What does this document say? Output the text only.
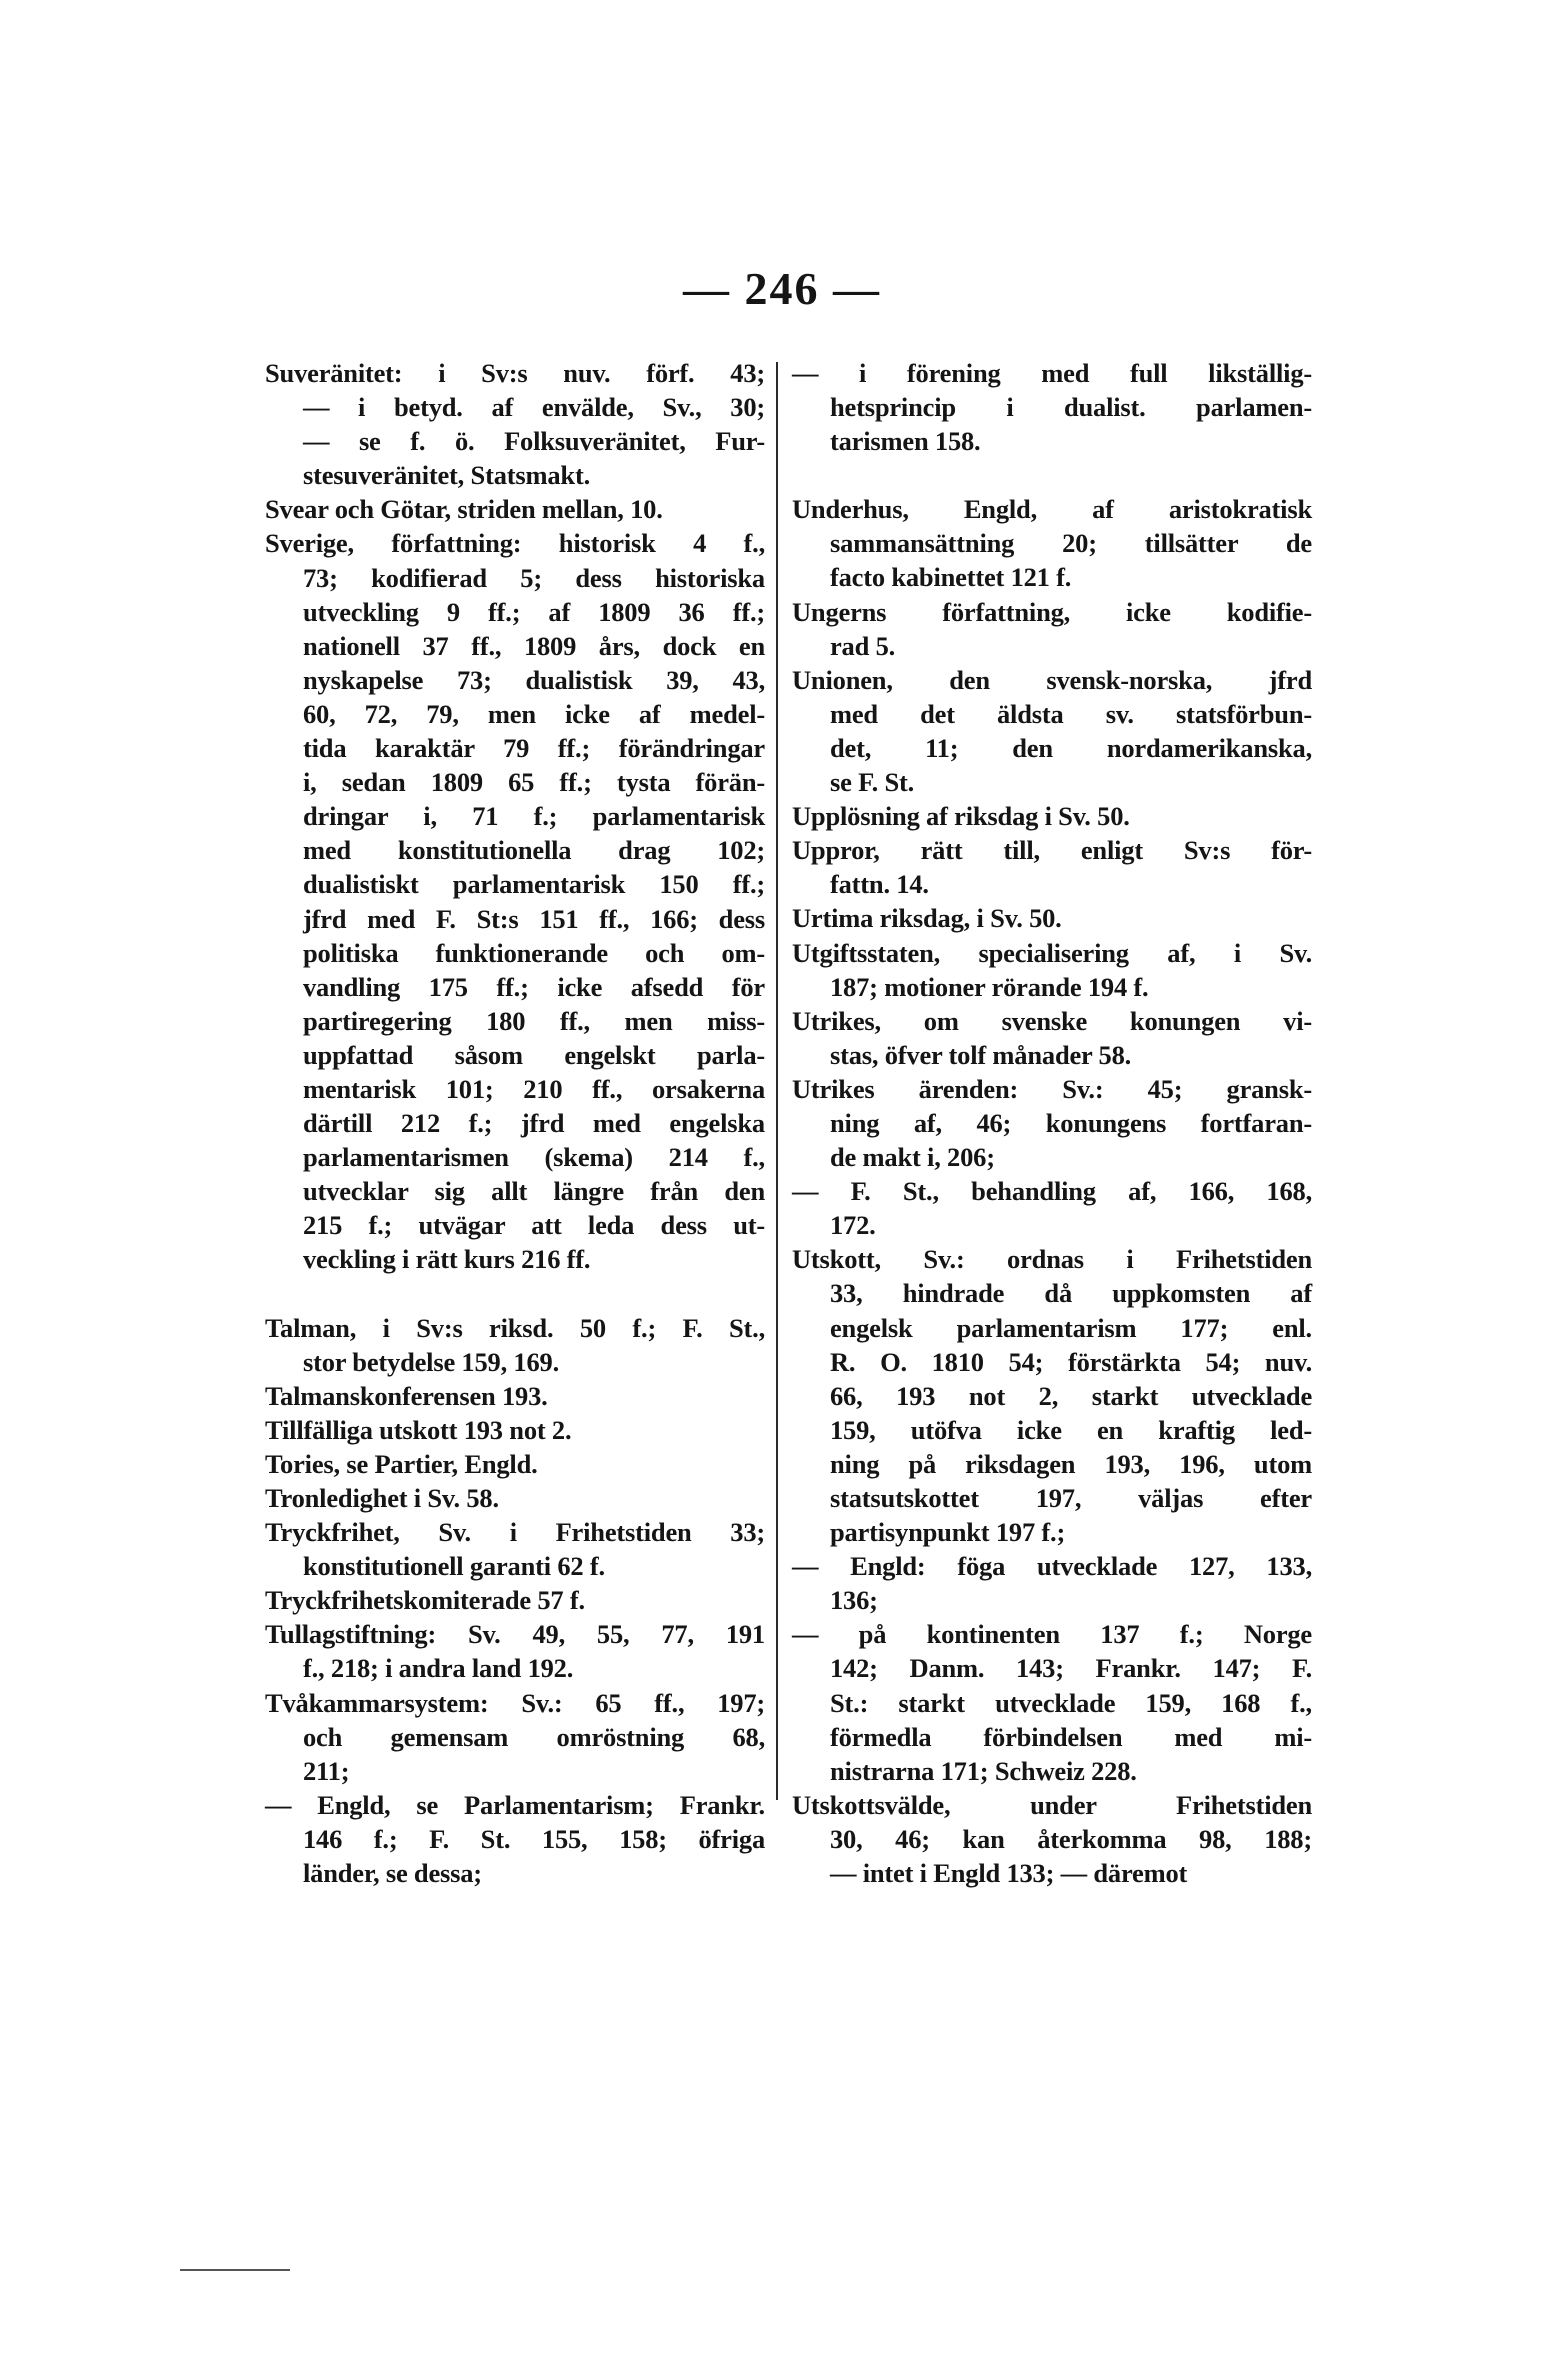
— 246 —
Suveränitet: i Sv:s nuv. förf. 43;
— i betyd. af envälde, Sv., 30;
— se f. ö. Folksuveränitet, Fur-
stesuveränitet, Statsmakt.
Svear och Götar, striden mellan, 10.
Sverige, författning: historisk 4 f.,
73; kodifierad 5; dess historiska
utveckling 9 ff.; af 1809 36 ff.;
nationell 37 ff., 1809 års, dock en
nyskapelse 73; dualistisk 39, 43,
60, 72, 79, men icke af medel-
tida karaktär 79 ff.; förändringar
i, sedan 1809 65 ff.; tysta förän-
dringar i, 71 f.; parlamentarisk
med konstitutionella drag 102;
dualistiskt parlamentarisk 150 ff.;
jfrd med F. St:s 151 ff., 166; dess
politiska funktionerande och om-
vandling 175 ff.; icke afsedd för
partiregering 180 ff., men miss-
uppfattad såsom engelskt parla-
mentarisk 101; 210 ff., orsakerna
därtill 212 f.; jfrd med engelska
parlamentarismen (skema) 214 f.,
utvecklar sig allt längre från den
215 f.; utvägar att leda dess ut-
veckling i rätt kurs 216 ff.
Talman, i Sv:s riksd. 50 f.; F. St.,
stor betydelse 159, 169.
Talmanskonferensen 193.
Tillfälliga utskott 193 not 2.
Tories, se Partier, Engld.
Tronledighet i Sv. 58.
Tryckfrihet, Sv. i Frihetstiden 33;
konstitutionell garanti 62 f.
Tryckfrihetskomiterade 57 f.
Tullagstiftning: Sv. 49, 55, 77, 191
f., 218; i andra land 192.
Tvåkammarsystem: Sv.: 65 ff., 197;
och gemensam omröstning 68,
211;
— Engld, se Parlamentarism; Frankr.
146 f.; F. St. 155, 158; öfriga
länder, se dessa;
— i förening med full likställig-
hetsprincip i dualist. parlamen-
tarismen 158.
Underhus, Engld, af aristokratisk
sammansättning 20; tillsätter de
facto kabinettet 121 f.
Ungerns författning, icke kodifie-
rad 5.
Unionen, den svensk-norska, jfrd
med det äldsta sv. statsförbun-
det, 11; den nordamerikanska,
se F. St.
Upplösning af riksdag i Sv. 50.
Uppror, rätt till, enligt Sv:s för-
fattn. 14.
Urtima riksdag, i Sv. 50.
Utgiftsstaten, specialisering af, i Sv.
187; motioner rörande 194 f.
Utrikes, om svenske konungen vi-
stas, öfver tolf månader 58.
Utrikes ärenden: Sv.: 45; gransk-
ning af, 46; konungens fortfaran-
de makt i, 206;
— F. St., behandling af, 166, 168,
172.
Utskott, Sv.: ordnas i Frihetstiden
33, hindrade då uppkomsten af
engelsk parlamentarism 177; enl.
R. O. 1810 54; förstärkta 54; nuv.
66, 193 not 2, starkt utvecklade
159, utöfva icke en kraftig led-
ning på riksdagen 193, 196, utom
statsutskottet 197, väljas efter
partisynpunkt 197 f.;
— Engld: föga utvecklade 127, 133,
136;
— på kontinenten 137 f.; Norge
142; Danm. 143; Frankr. 147; F.
St.: starkt utvecklade 159, 168 f.,
förmedla förbindelsen med mi-
nistrarna 171; Schweiz 228.
Utskottsvälde, under Frihetstiden
30, 46; kan återkomma 98, 188;
— intet i Engld 133; — däremot
